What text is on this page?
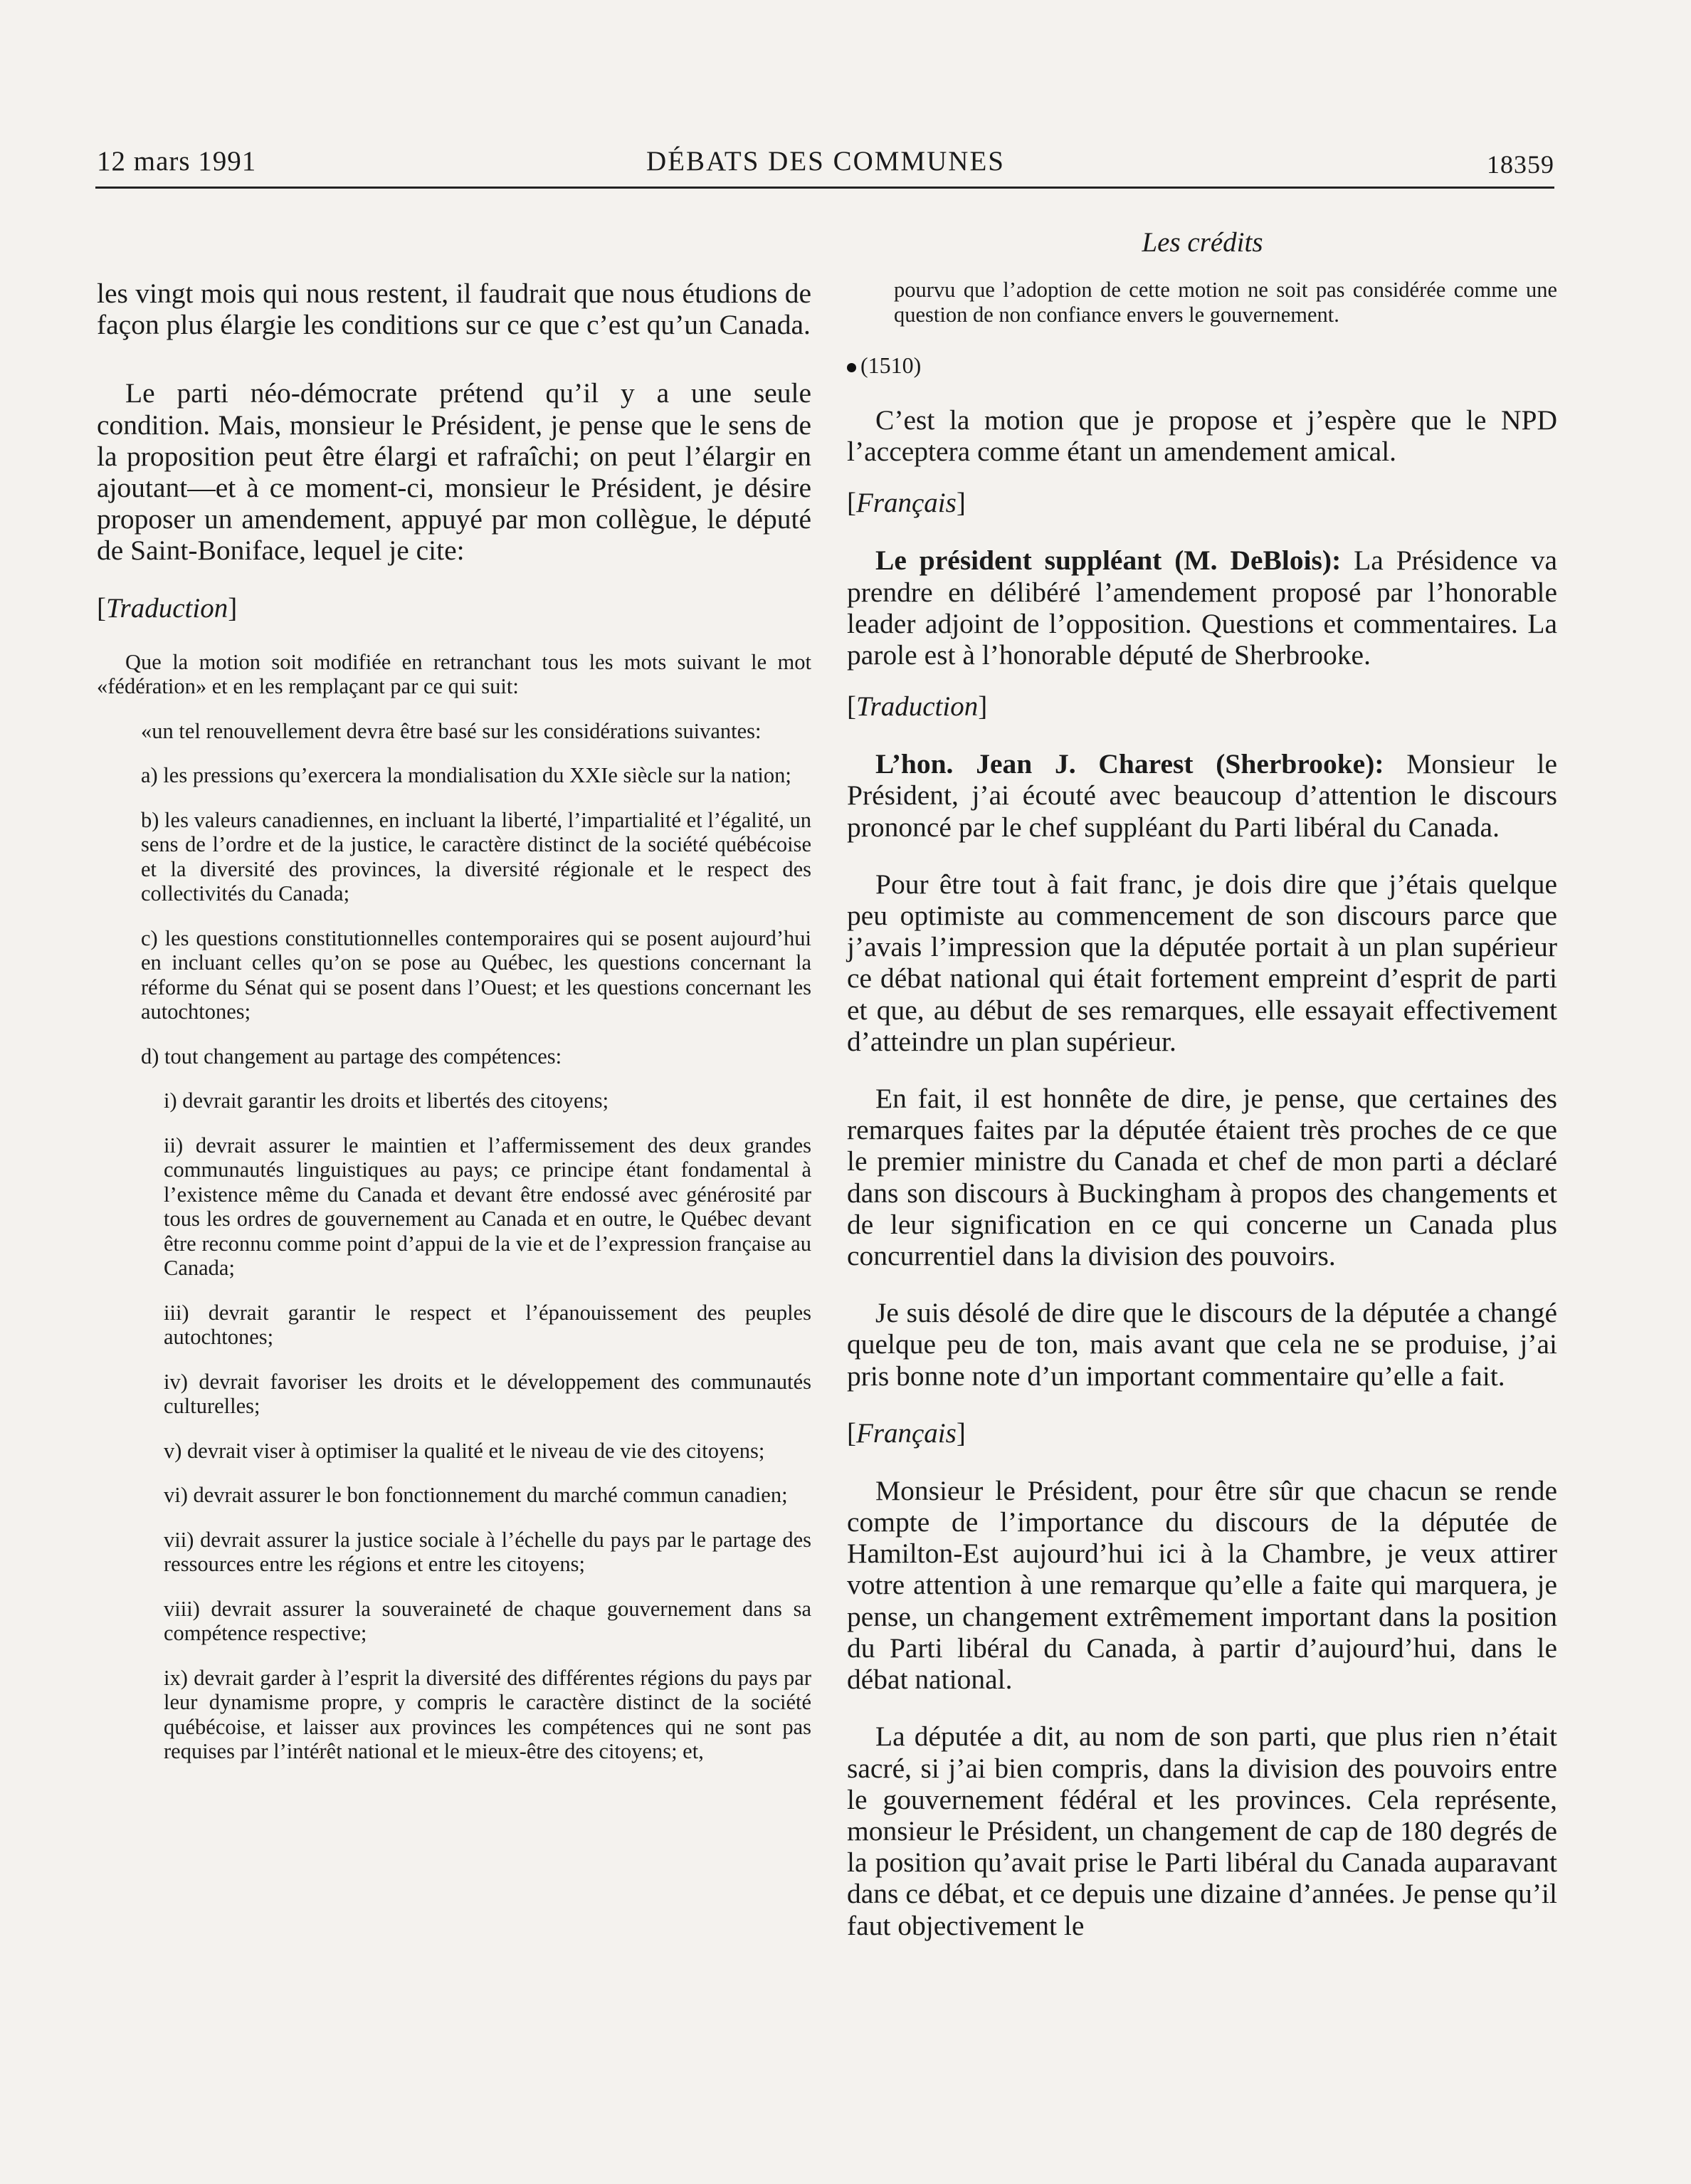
12 mars 1991	DÉBATS DES COMMUNES	18359
Les crédits

les vingt mois qui nous restent, il faudrait que nous étudions de façon plus élargie les conditions sur ce que c’est qu’un Canada.

Le parti néo-démocrate prétend qu’il y a une seule condition. Mais, monsieur le Président, je pense que le sens de la proposition peut être élargi et rafraîchi; on peut l’élargir en ajoutant—et à ce moment-ci, monsieur le Président, je désire proposer un amendement, appuyé par mon collègue, le député de Saint-Boniface, lequel je cite:

[Traduction]

Que la motion soit modifiée en retranchant tous les mots suivant le mot «fédération» et en les remplaçant par ce qui suit:

«un tel renouvellement devra être basé sur les considérations suivantes:

a) les pressions qu’exercera la mondialisation du XXIe siècle sur la nation;

b) les valeurs canadiennes, en incluant la liberté, l’impartialité et l’égalité, un sens de l’ordre et de la justice, le caractère distinct de la société québécoise et la diversité des provinces, la diversité régionale et le respect des collectivités du Canada;

c) les questions constitutionnelles contemporaires qui se posent aujourd’hui en incluant celles qu’on se pose au Québec, les questions concernant la réforme du Sénat qui se posent dans l’Ouest; et les questions concernant les autochtones;

d) tout changement au partage des compétences:

i) devrait garantir les droits et libertés des citoyens;

ii) devrait assurer le maintien et l’affermissement des deux grandes communautés linguistiques au pays; ce principe étant fondamental à l’existence même du Canada et devant être endossé avec générosité par tous les ordres de gouvernement au Canada et en outre, le Québec devant être reconnu comme point d’appui de la vie et de l’expression française au Canada;

iii) devrait garantir le respect et l’épanouissement des peuples autochtones;

iv) devrait favoriser les droits et le développement des communautés culturelles;

v) devrait viser à optimiser la qualité et le niveau de vie des citoyens;

vi) devrait assurer le bon fonctionnement du marché commun canadien;

vii) devrait assurer la justice sociale à l’échelle du pays par le partage des ressources entre les régions et entre les citoyens;

viii) devrait assurer la souveraineté de chaque gouvernement dans sa compétence respective;

ix) devrait garder à l’esprit la diversité des différentes régions du pays par leur dynamisme propre, y compris le caractère distinct de la société québécoise, et laisser aux provinces les compétences qui ne sont pas requises par l’intérêt national et le mieux-être des citoyens; et,

pourvu que l’adoption de cette motion ne soit pas considérée comme une question de non confiance envers le gouvernement.

(1510)

C’est la motion que je propose et j’espère que le NPD l’acceptera comme étant un amendement amical.

[Français]

Le président suppléant (M. DeBlois): La Présidence va prendre en délibéré l’amendement proposé par l’honorable leader adjoint de l’opposition. Questions et commentaires. La parole est à l’honorable député de Sherbrooke.

[Traduction]

L’hon. Jean J. Charest (Sherbrooke): Monsieur le Président, j’ai écouté avec beaucoup d’attention le discours prononcé par le chef suppléant du Parti libéral du Canada.

Pour être tout à fait franc, je dois dire que j’étais quelque peu optimiste au commencement de son discours parce que j’avais l’impression que la députée portait à un plan supérieur ce débat national qui était fortement empreint d’esprit de parti et que, au début de ses remarques, elle essayait effectivement d’atteindre un plan supérieur.

En fait, il est honnête de dire, je pense, que certaines des remarques faites par la députée étaient très proches de ce que le premier ministre du Canada et chef de mon parti a déclaré dans son discours à Buckingham à propos des changements et de leur signification en ce qui concerne un Canada plus concurrentiel dans la division des pouvoirs.

Je suis désolé de dire que le discours de la députée a changé quelque peu de ton, mais avant que cela ne se produise, j’ai pris bonne note d’un important commentaire qu’elle a fait.

[Français]

Monsieur le Président, pour être sûr que chacun se rende compte de l’importance du discours de la députée de Hamilton-Est aujourd’hui ici à la Chambre, je veux attirer votre attention à une remarque qu’elle a faite qui marquera, je pense, un changement extrêmement important dans la position du Parti libéral du Canada, à partir d’aujourd’hui, dans le débat national.

La députée a dit, au nom de son parti, que plus rien n’était sacré, si j’ai bien compris, dans la division des pouvoirs entre le gouvernement fédéral et les provinces. Cela représente, monsieur le Président, un changement de cap de 180 degrés de la position qu’avait prise le Parti libéral du Canada auparavant dans ce débat, et ce depuis une dizaine d’années. Je pense qu’il faut objectivement le
